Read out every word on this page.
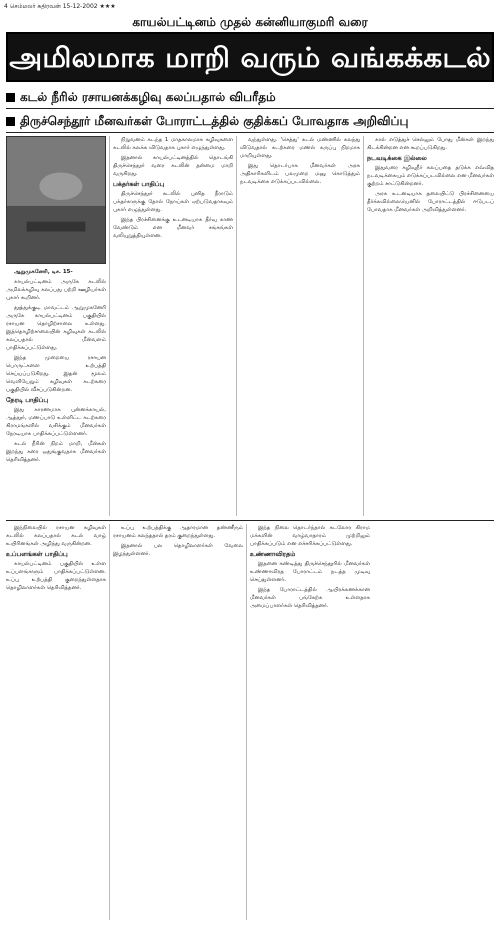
4 செம்மலர் கதிரவன் 15-12-2002 ★★★
காயல்பட்டினம் முதல் கன்னியாகுமரி வரை
அமிலமாக மாறி வரும் வங்கக்கடல்
கடல் நீரில் ரசாயனக்கழிவு கலப்பதால் விபரீதம்
திருச்செந்தூர் மீனவர்கள் போராட்டத்தில் குதிக்கப் போவதாக அறிவிப்பு

ஆறுமுகனேரி, டிச. 15-

காயல்பட்டினம் அருகே கடலில் அமிலக்கழிவு கலப்பது பற்றி ஊழியர்கள் புகார் கூறினர்.

தூத்துக்குடி மாவட்டம் ஆறுமுகனேரி அருகே காயல்பட்டினம் பகுதியில் ரசாயன தொழிற்சாலை உள்ளது. இத்தொழிற்சாலையின் கழிவுகள் கடலில் கலப்பதால் மீன்வளம் பாதிக்கப்பட்டுள்ளது.

இந்த முறையை ரசாயன பொருட்களை உற்பத்தி செய்யப்படுகிறது. இதன் மூலம் வெளியேறும் கழிவுகள் கடற்கரை பகுதியில் வீசப்படுகின்றன.

நேரடி பாதிப்பு

இது காரணமாக புன்னக்காயல், ஆத்தூர், மணப்பாடு உள்ளிட்ட கடற்கரை கிராமங்களில் வசிக்கும் மீனவர்கள் நேரடியாக பாதிக்கப்பட்டுள்ளனர்.

கடல் நீரின் நிறம் மாறி, மீன்கள் இறந்து கரை ஒதுங்குவதாக மீனவர்கள் தெரிவித்தனர்.

நிறுவனம் கடந்த 1 மாதகாலமாக கழிவுகளை கடலில் கலக்க விடுவதாக புகார் எழுந்துள்ளது.

இதனால் காயல்பட்டினத்தில் தொடங்கி திருச்செந்தூர் வரை கடலின் தன்மை மாறி வருகிறது.

பக்தர்கள் பாதிப்பு

திருச்செந்தூர் கடலில் புனித நீராடும் பக்தர்களுக்கு தோல் நோய்கள் ஏற்படுவதாகவும் புகார் எழுந்துள்ளது.

இந்த பிரச்சினைக்கு உடனடியாக தீர்வு காண வேண்டும் என மீனவர் சங்கங்கள் வலியுறுத்தியுள்ளன.

வந்துள்ளது. 'செத்து' கடல் மண்ணில் கலந்து விடுவதால் கடற்கரை மணல் கருப்பு நிறமாக மாறியுள்ளது.

இது தொடர்பாக மீனவர்கள் அரசு அதிகாரிகளிடம் பலமுறை மனு கொடுத்தும் நடவடிக்கை எடுக்கப்படவில்லை.

கால் எடுத்துச் செல்லும் போது மீன்கள் இறந்து கிடக்கின்றன என கூறப்படுகிறது.

நடவடிக்கை இல்லை

இதுவரை கழிவுநீர் கலப்பதை தடுக்க எவ்வித நடவடிக்கையும் எடுக்கப்படவில்லை என மீனவர்கள் குற்றம் சாட்டுகின்றனர்.

அரசு உடனடியாக தலையிட்டு பிரச்சினையை தீர்க்கவில்லையெனில் போராட்டத்தில் ஈடுபடப் போவதாக மீனவர்கள் அறிவித்துள்ளனர்.

இந்நிலையில் ரசாயன கழிவுகள் கடலில் கலப்பதால் கடல் வாழ் உயிரினங்கள் அழிந்து வருகின்றன.

உப்பளங்கள் பாதிப்பு

காயல்பட்டினம் பகுதியில் உள்ள உப்பளங்களும் பாதிக்கப்பட்டுள்ளன. உப்பு உற்பத்தி குறைந்துள்ளதாக தொழிலாளர்கள் தெரிவித்தனர்.

உப்பு உற்பத்திக்கு ஆதாரமான தண்ணீரும் ரசாயனம் கலந்ததால் தரம் குறைந்துள்ளது.

இதனால் பல தொழிலாளர்கள் வேலை இழந்துள்ளனர்.

இந்த நிலை தொடர்ந்தால் கடலோர கிராம மக்களின் வாழ்வாதாரம் முற்றிலும் பாதிக்கப்படும் என எச்சரிக்கப்பட்டுள்ளது.

உண்ணாவிரதம்

இதனை கண்டித்து திருச்செந்தூரில் மீனவர்கள் உண்ணாவிரத போராட்டம் நடத்த முடிவு செய்துள்ளனர்.

இந்த போராட்டத்தில் ஆயிரக்கணக்கான மீனவர்கள் பங்கேற்க உள்ளதாக அமைப்பாளர்கள் தெரிவித்தனர்.
